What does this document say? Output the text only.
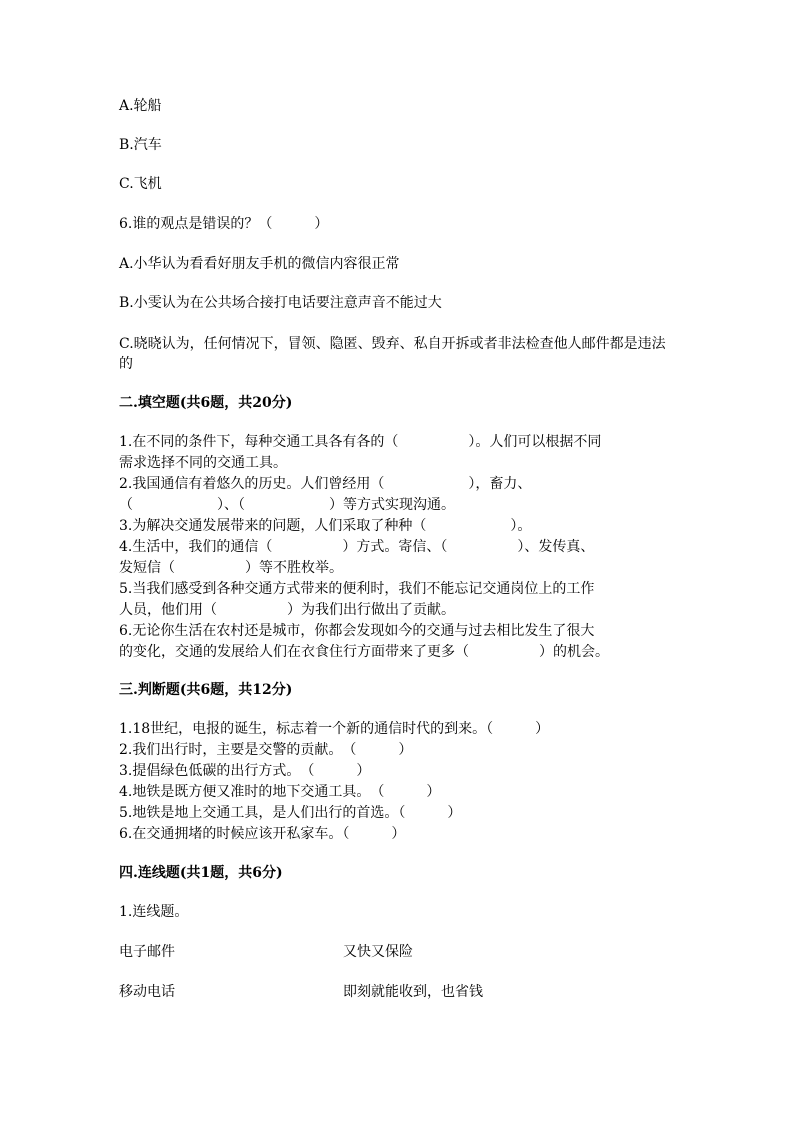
A.轮船
B.汽车
C.飞机
6.谁的观点是错误的？（　　　）
A.小华认为看看好朋友手机的微信内容很正常
B.小雯认为在公共场合接打电话要注意声音不能过大
C.晓晓认为，任何情况下，冒领、隐匿、毁弃、私自开拆或者非法检查他人邮件都是违法的
二.填空题(共6题，共20分)
1.在不同的条件下，每种交通工具各有各的（　　　　　）。人们可以根据不同
需求选择不同的交通工具。
2.我国通信有着悠久的历史。人们曾经用（　　　　　　），畜力、
（　　　　　　）、（　　　　　　）等方式实现沟通。
3.为解决交通发展带来的问题，人们采取了种种（　　　　　　）。
4.生活中，我们的通信（　　　　　）方式。寄信、（　　　　　）、发传真、
发短信（　　　　　）等不胜枚举。
5.当我们感受到各种交通方式带来的便利时，我们不能忘记交通岗位上的工作
人员，他们用（　　　　　）为我们出行做出了贡献。
6.无论你生活在农村还是城市，你都会发现如今的交通与过去相比发生了很大
的变化，交通的发展给人们在衣食住行方面带来了更多（　　　　　）的机会。
三.判断题(共6题，共12分)
1.18世纪，电报的诞生，标志着一个新的通信时代的到来。（　　　）
2.我们出行时，主要是交警的贡献。　（　　　）
3.提倡绿色低碳的出行方式。　（　　　）
4.地铁是既方便又准时的地下交通工具。　（　　　）
5.地铁是地上交通工具，是人们出行的首选。（　　　）
6.在交通拥堵的时候应该开私家车。（　　　）
四.连线题(共1题，共6分)
1.连线题。
电子邮件	又快又保险
移动电话	即刻就能收到，也省钱
